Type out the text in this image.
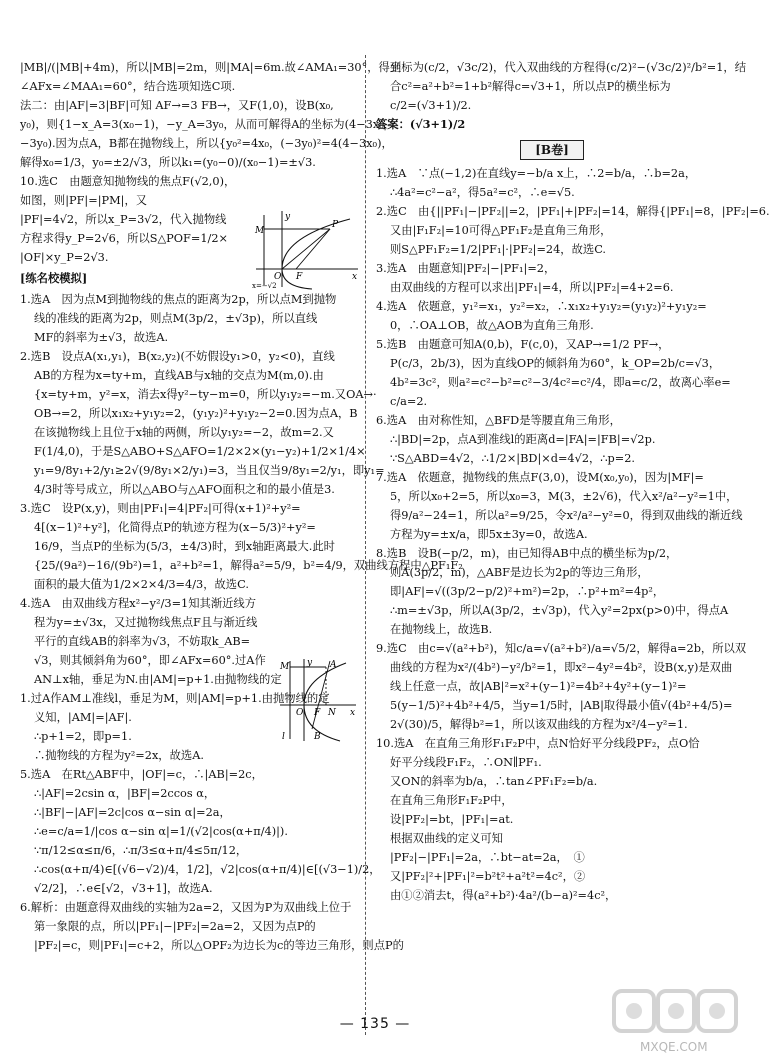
|MB|/(|MB|+4m)，所以|MB|=2m，则|MA|=6m.故∠AMA₁=30°，得到
∠AFx=∠MAA₁=60°，结合选项知选C项.
法二：由|AF|=3|BF|可知 AF→=3 FB→，又F(1,0)，设B(x₀,
y₀)，则{1−x_A=3(x₀−1)，−y_A=3y₀，从而可解得A的坐标为(4−3x₀，
−3y₀).因为点A，B都在抛物线上，所以{y₀²=4x₀，(−3y₀)²=4(4−3x₀)，
解得x₀=1/3，y₀=±2/√3，所以k₁=(y₀−0)/(x₀−1)=±√3.
10.选C　由题意知抛物线的焦点F(√2,0)，
如图，则|PF|=|PM|，又
|PF|=4√2，所以x_P=3√2，代入抛物线
方程求得y_P=2√6，所以S△POF=1/2×
|OF|×y_P=2√3.
[练名校模拟]
1.选A　因为点M到抛物线的焦点的距离为2p，所以点M到抛物
线的准线的距离为2p，则点M(3p/2，±√3p)，所以直线
MF的斜率为±√3，故选A.
2.选B　设点A(x₁,y₁)，B(x₂,y₂)(不妨假设y₁>0，y₂<0)，直线
AB的方程为x=ty+m，直线AB与x轴的交点为M(m,0).由
{x=ty+m，y²=x，消去x得y²−ty−m=0，所以y₁y₂=−m.又OA→·
OB→=2，所以x₁x₂+y₁y₂=2，(y₁y₂)²+y₁y₂−2=0.因为点A，B
在该抛物线上且位于x轴的两侧，所以y₁y₂=−2，故m=2.又
F(1/4,0)，于是S△ABO+S△AFO=1/2×2×(y₁−y₂)+1/2×1/4×
y₁=9/8y₁+2/y₁≥2√(9/8y₁×2/y₁)=3，当且仅当9/8y₁=2/y₁，即y₁=
4/3时等号成立，所以△ABO与△AFO面积之和的最小值是3.
3.选C　设P(x,y)，则由|PF₁|=4|PF₂|可得(x+1)²+y²=
4[(x−1)²+y²]，化简得点P的轨迹方程为(x−5/3)²+y²=
16/9，当点P的坐标为(5/3，±4/3)时，到x轴距离最大.此时
{25/(9a²)−16/(9b²)=1，a²+b²=1，解得a²=5/9，b²=4/9，双曲线方程中△PF₁F₂
面积的最大值为1/2×2×4/3=4/3，故选C.
4.选A　由双曲线方程x²−y²/3=1知其渐近线方
程为y=±√3x，又过抛物线焦点F且与渐近线
平行的直线AB的斜率为√3，不妨取k_AB=
√3，则其倾斜角为60°，即∠AFx=60°.过A作
AN⊥x轴，垂足为N.由|AM|=p+1.由抛物线的定
1.过A作AM⊥准线l，垂足为M，则|AM|=p+1.由抛物线的定
义知，|AM|=|AF|.
∴p+1=2，即p=1.
∴抛物线的方程为y²=2x，故选A.
5.选A　在Rt△ABF中，|OF|=c，∴|AB|=2c，
∴|AF|=2csin α，|BF|=2ccos α，
∴|BF|−|AF|=2c|cos α−sin α|=2a，
∴e=c/a=1/|cos α−sin α|=1/(√2|cos(α+π/4)|).
∵π/12≤α≤π/6，∴π/3≤α+π/4≤5π/12，
∴cos(α+π/4)∈[(√6−√2)/4，1/2]，√2|cos(α+π/4)|∈[(√3−1)/2，
√2/2]，∴e∈[√2，√3+1]，故选A.
6.解析：由题意得双曲线的实轴为2a=2，又因为P为双曲线上位于
第一象限的点，所以|PF₁|−|PF₂|=2a=2，又因为点P的
|PF₂|=c，则|PF₁|=c+2，所以△OPF₂为边长为c的等边三角形，则点P的
坐标为(c/2，√3c/2)，代入双曲线的方程得(c/2)²−(√3c/2)²/b²=1，结
合c²=a²+b²=1+b²解得c=√3+1，所以点P的横坐标为
c/2=(√3+1)/2.
答案：(√3+1)/2
[B卷]
1.选A　∵点(−1,2)在直线y=−b/a x上，∴2=b/a，∴b=2a，
∴4a²=c²−a²，得5a²=c²，∴e=√5.
2.选C　由{||PF₁|−|PF₂||=2，|PF₁|+|PF₂|=14，解得{|PF₁|=8，|PF₂|=6.
又由|F₁F₂|=10可得△PF₁F₂是直角三角形，
则S△PF₁F₂=1/2|PF₁|·|PF₂|=24，故选C.
3.选A　由题意知|PF₂|−|PF₁|=2，
由双曲线的方程可以求出|PF₁|=4，所以|PF₂|=4+2=6.
4.选A　依题意，y₁²=x₁，y₂²=x₂，∴x₁x₂+y₁y₂=(y₁y₂)²+y₁y₂=
0，∴OA⊥OB，故△AOB为直角三角形.
5.选B　由题意可知A(0,b)，F(c,0)，又AP→=1/2 PF→，
P(c/3，2b/3)，因为直线OP的倾斜角为60°，k_OP=2b/c=√3，
4b²=3c²，则a²=c²−b²=c²−3/4c²=c²/4，即a=c/2，故离心率e=
c/a=2.
6.选A　由对称性知，△BFD是等腰直角三角形，
∴|BD|=2p，点A到准线l的距离d=|FA|=|FB|=√2p.
∵S△ABD=4√2，∴1/2×|BD|×d=4√2，∴p=2.
7.选A　依题意，抛物线的焦点F(3,0)，设M(x₀,y₀)，因为|MF|=
5，所以x₀+2=5，所以x₀=3，M(3，±2√6)，代入x²/a²−y²=1中，
得9/a²−24=1，所以a²=9/25，令x²/a²−y²=0，得到双曲线的渐近线
方程为y=±x/a，即5x±3y=0，故选A.
8.选B　设B(−p/2，m)，由已知得AB中点的横坐标为p/2，
则A(3p/2，m)，△ABF是边长为2p的等边三角形，
即|AF|=√((3p/2−p/2)²+m²)=2p，∴p²+m²=4p²，
∴m=±√3p，所以A(3p/2，±√3p)，代入y²=2px(p>0)中，得点A
在抛物线上，故选B.
9.选C　由c=√(a²+b²)，知c/a=√(a²+b²)/a=√5/2，解得a=2b，所以双
曲线的方程为x²/(4b²)−y²/b²=1，即x²−4y²=4b²，设B(x,y)是双曲
线上任意一点，故|AB|²=x²+(y−1)²=4b²+4y²+(y−1)²=
5(y−1/5)²+4b²+4/5，当y=1/5时，|AB|取得最小值√(4b²+4/5)=
2√(30)/5，解得b²=1，所以该双曲线的方程为x²/4−y²=1.
10.选A　在直角三角形F₁F₂P中，点N恰好平分线段PF₂，点O恰
好平分线段F₁F₂，∴ON∥PF₁.
又ON的斜率为b/a，∴tan∠PF₁F₂=b/a.
在直角三角形F₁F₂P中，
设|PF₂|=bt，|PF₁|=at.
根据双曲线的定义可知
|PF₂|−|PF₁|=2a，∴bt−at=2a，　①
又|PF₂|²+|PF₁|²=b²t²+a²t²=4c²，②
由①②消去t，得(a²+b²)·4a²/(b−a)²=4c²，
y
M
P
O F	x
x=−√2
y
M	A
O F N x
B
l
— 135 —
MXQE.COM
